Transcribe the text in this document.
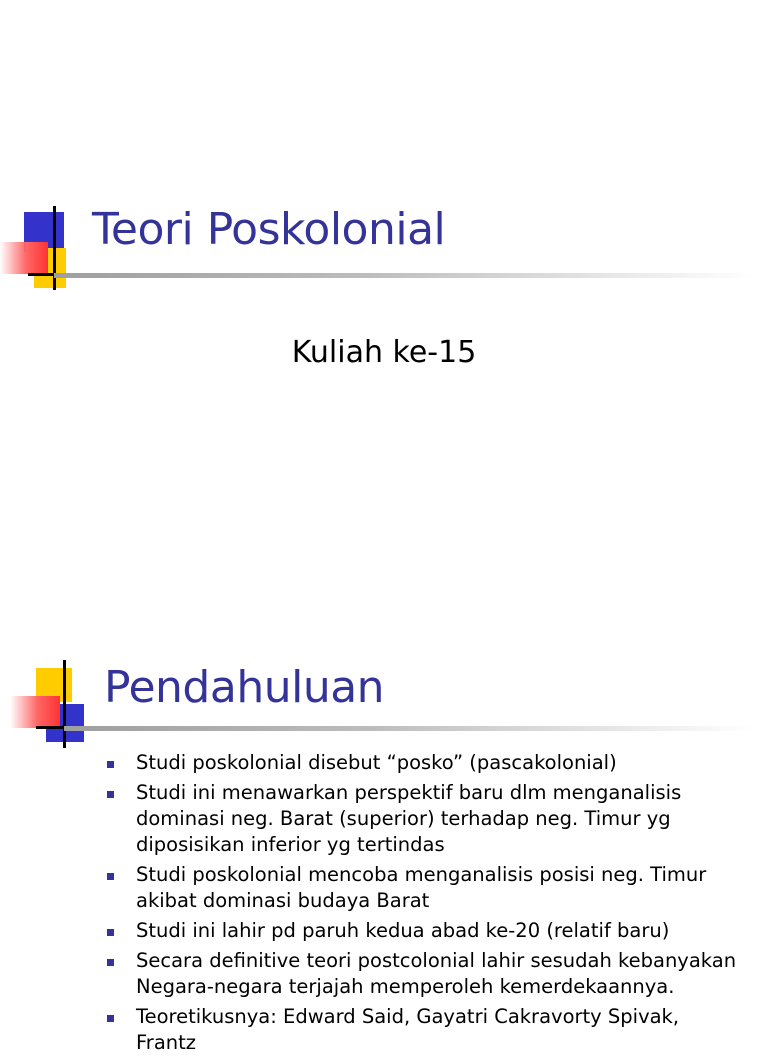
Teori Poskolonial
Kuliah ke-15
Pendahuluan
Studi poskolonial disebut “posko” (pascakolonial)
Studi ini menawarkan perspektif baru dlm menganalisis dominasi neg. Barat (superior) terhadap neg. Timur yg diposisikan inferior yg tertindas
Studi poskolonial mencoba menganalisis posisi neg. Timur akibat dominasi budaya Barat
Studi ini lahir pd paruh kedua abad ke-20 (relatif baru)
Secara definitive teori postcolonial lahir sesudah kebanyakan Negara-negara terjajah memperoleh kemerdekaannya.
Teoretikusnya: Edward Said, Gayatri Cakravorty Spivak, Frantz
